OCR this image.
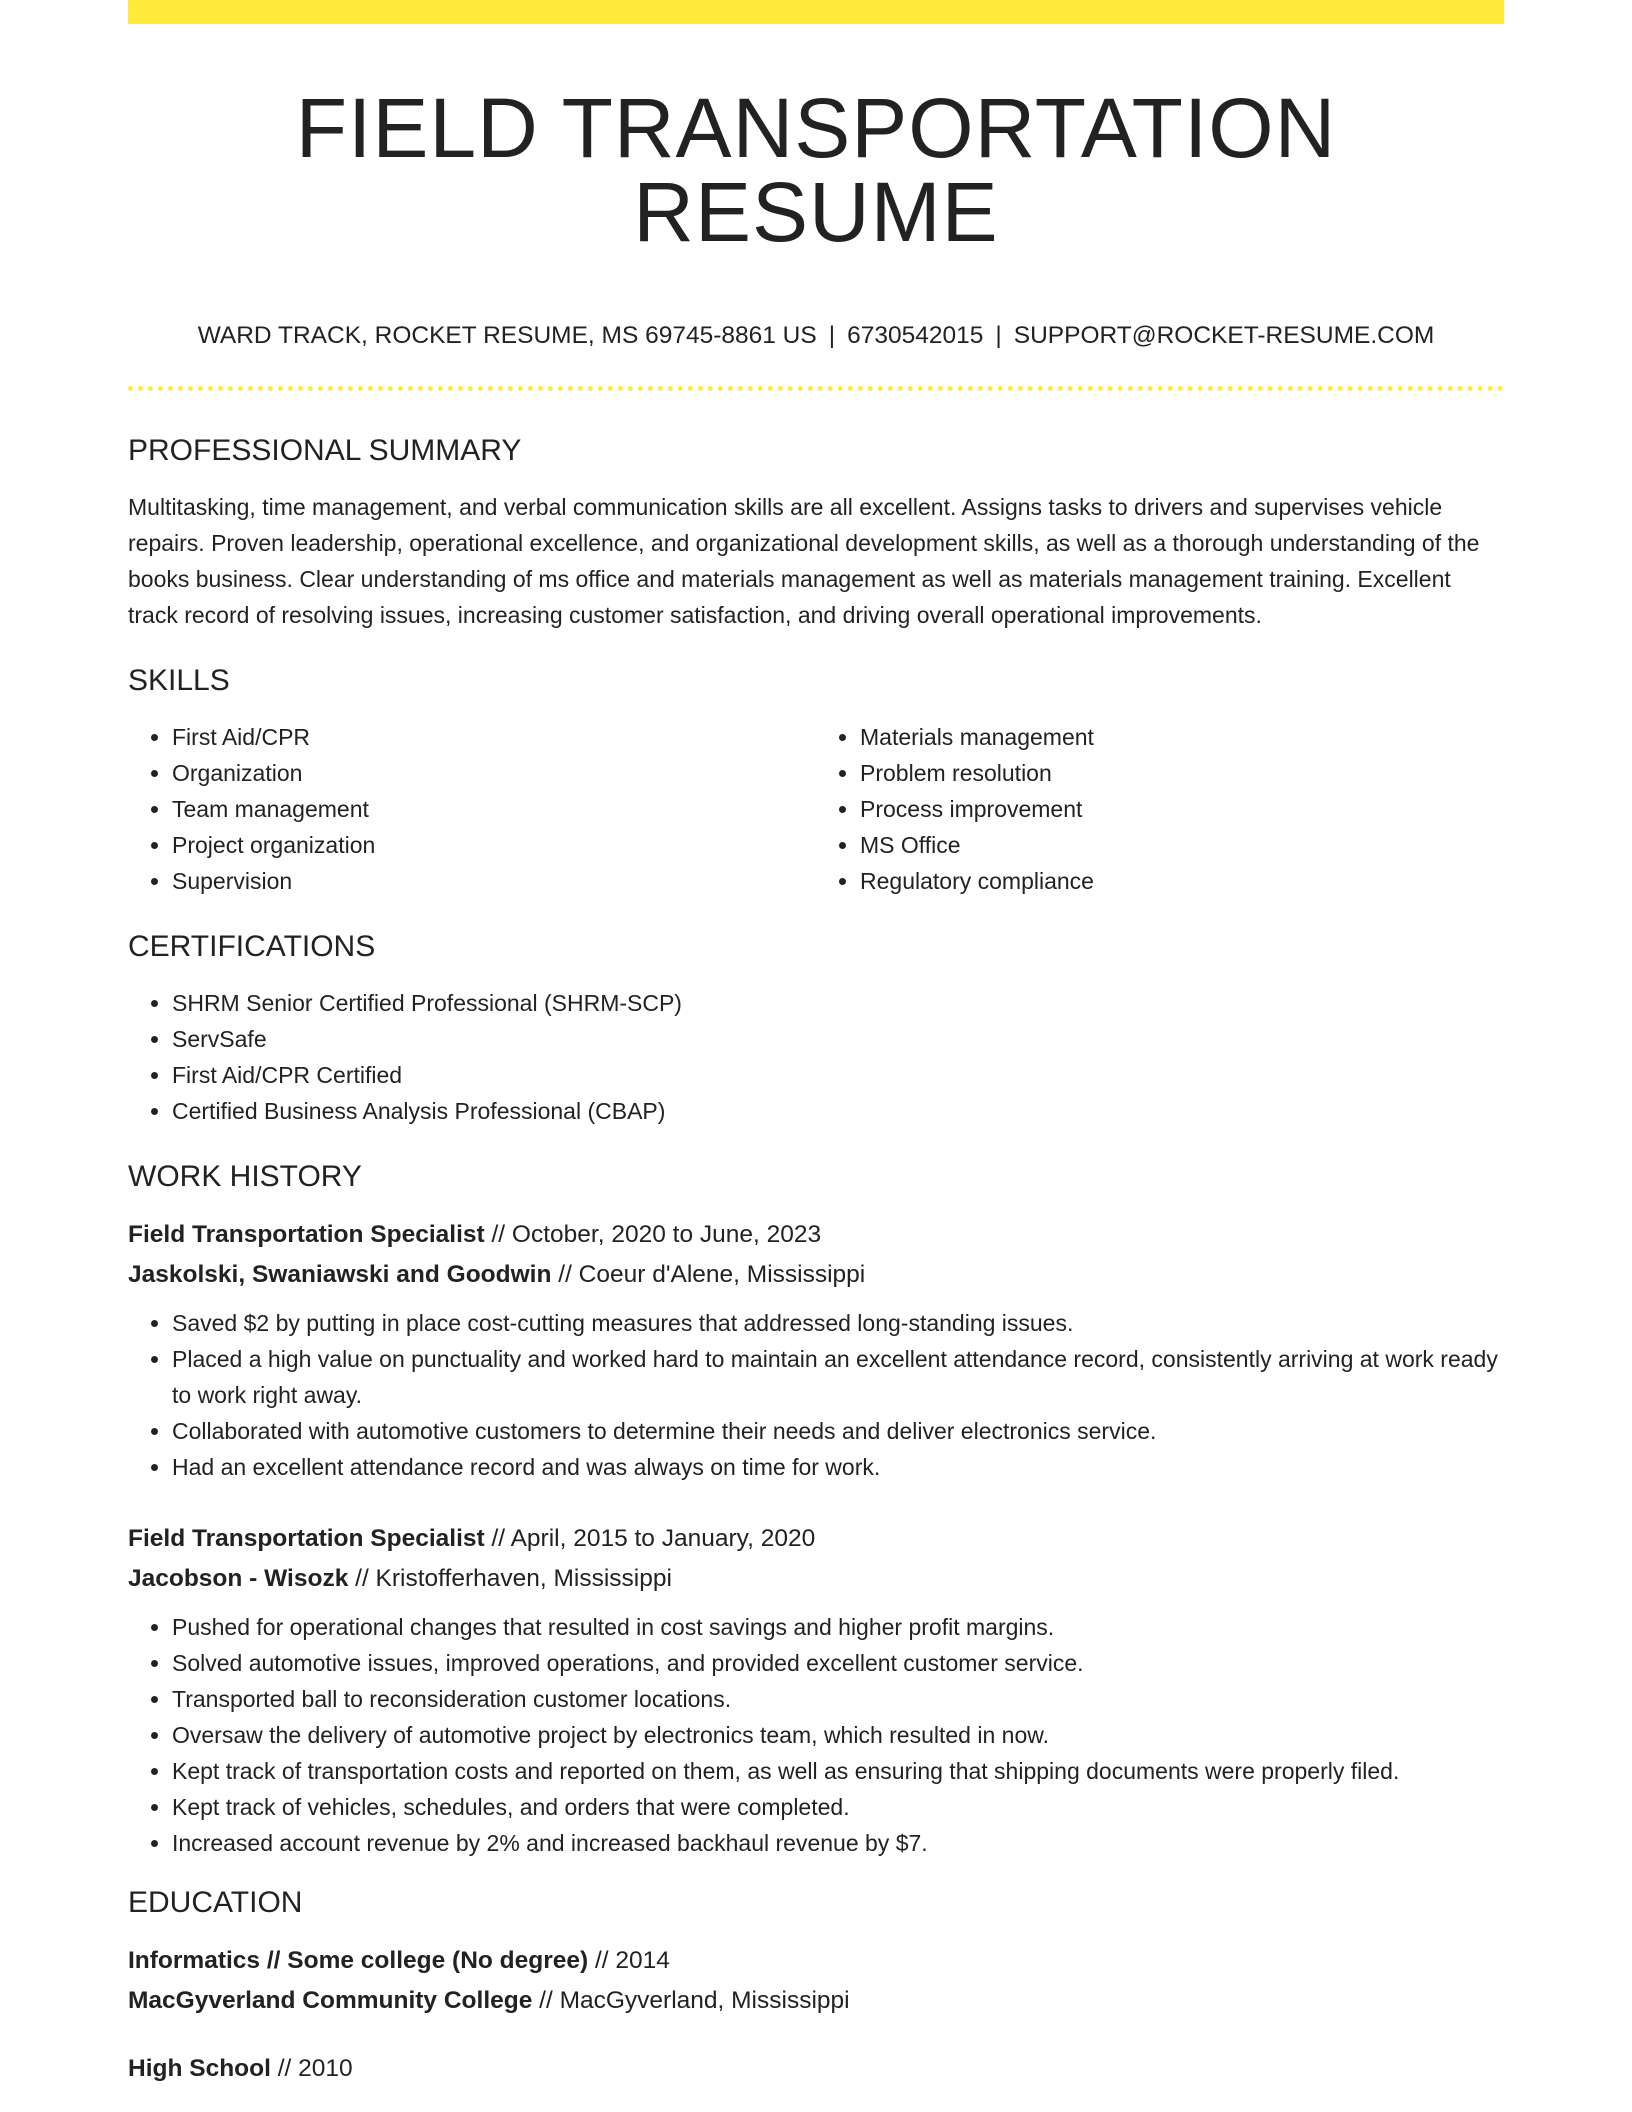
FIELD TRANSPORTATION RESUME
WARD TRACK, ROCKET RESUME, MS 69745-8861 US | 6730542015 | SUPPORT@ROCKET-RESUME.COM
PROFESSIONAL SUMMARY

Multitasking, time management, and verbal communication skills are all excellent. Assigns tasks to drivers and supervises vehicle repairs. Proven leadership, operational excellence, and organizational development skills, as well as a thorough understanding of the books business. Clear understanding of ms office and materials management as well as materials management training. Excellent track record of resolving issues, increasing customer satisfaction, and driving overall operational improvements.

SKILLS
• First Aid/CPR
• Organization
• Team management
• Project organization
• Supervision
• Materials management
• Problem resolution
• Process improvement
• MS Office
• Regulatory compliance
CERTIFICATIONS
• SHRM Senior Certified Professional (SHRM-SCP)
• ServSafe
• First Aid/CPR Certified
• Certified Business Analysis Professional (CBAP)
WORK HISTORY

Field Transportation Specialist // October, 2020 to June, 2023

Jaskolski, Swaniawski and Goodwin // Coeur d'Alene, Mississippi

• Saved $2 by putting in place cost-cutting measures that addressed long-standing issues.
• Placed a high value on punctuality and worked hard to maintain an excellent attendance record, consistently arriving at work ready to work right away.
• Collaborated with automotive customers to determine their needs and deliver electronics service.
• Had an excellent attendance record and was always on time for work.

Field Transportation Specialist // April, 2015 to January, 2020

Jacobson - Wisozk // Kristofferhaven, Mississippi

• Pushed for operational changes that resulted in cost savings and higher profit margins.
• Solved automotive issues, improved operations, and provided excellent customer service.
• Transported ball to reconsideration customer locations.
• Oversaw the delivery of automotive project by electronics team, which resulted in now.
• Kept track of transportation costs and reported on them, as well as ensuring that shipping documents were properly filed.
• Kept track of vehicles, schedules, and orders that were completed.
• Increased account revenue by 2% and increased backhaul revenue by $7.
EDUCATION

Informatics // Some college (No degree) // 2014

MacGyverland Community College // MacGyverland, Mississippi

High School // 2010
